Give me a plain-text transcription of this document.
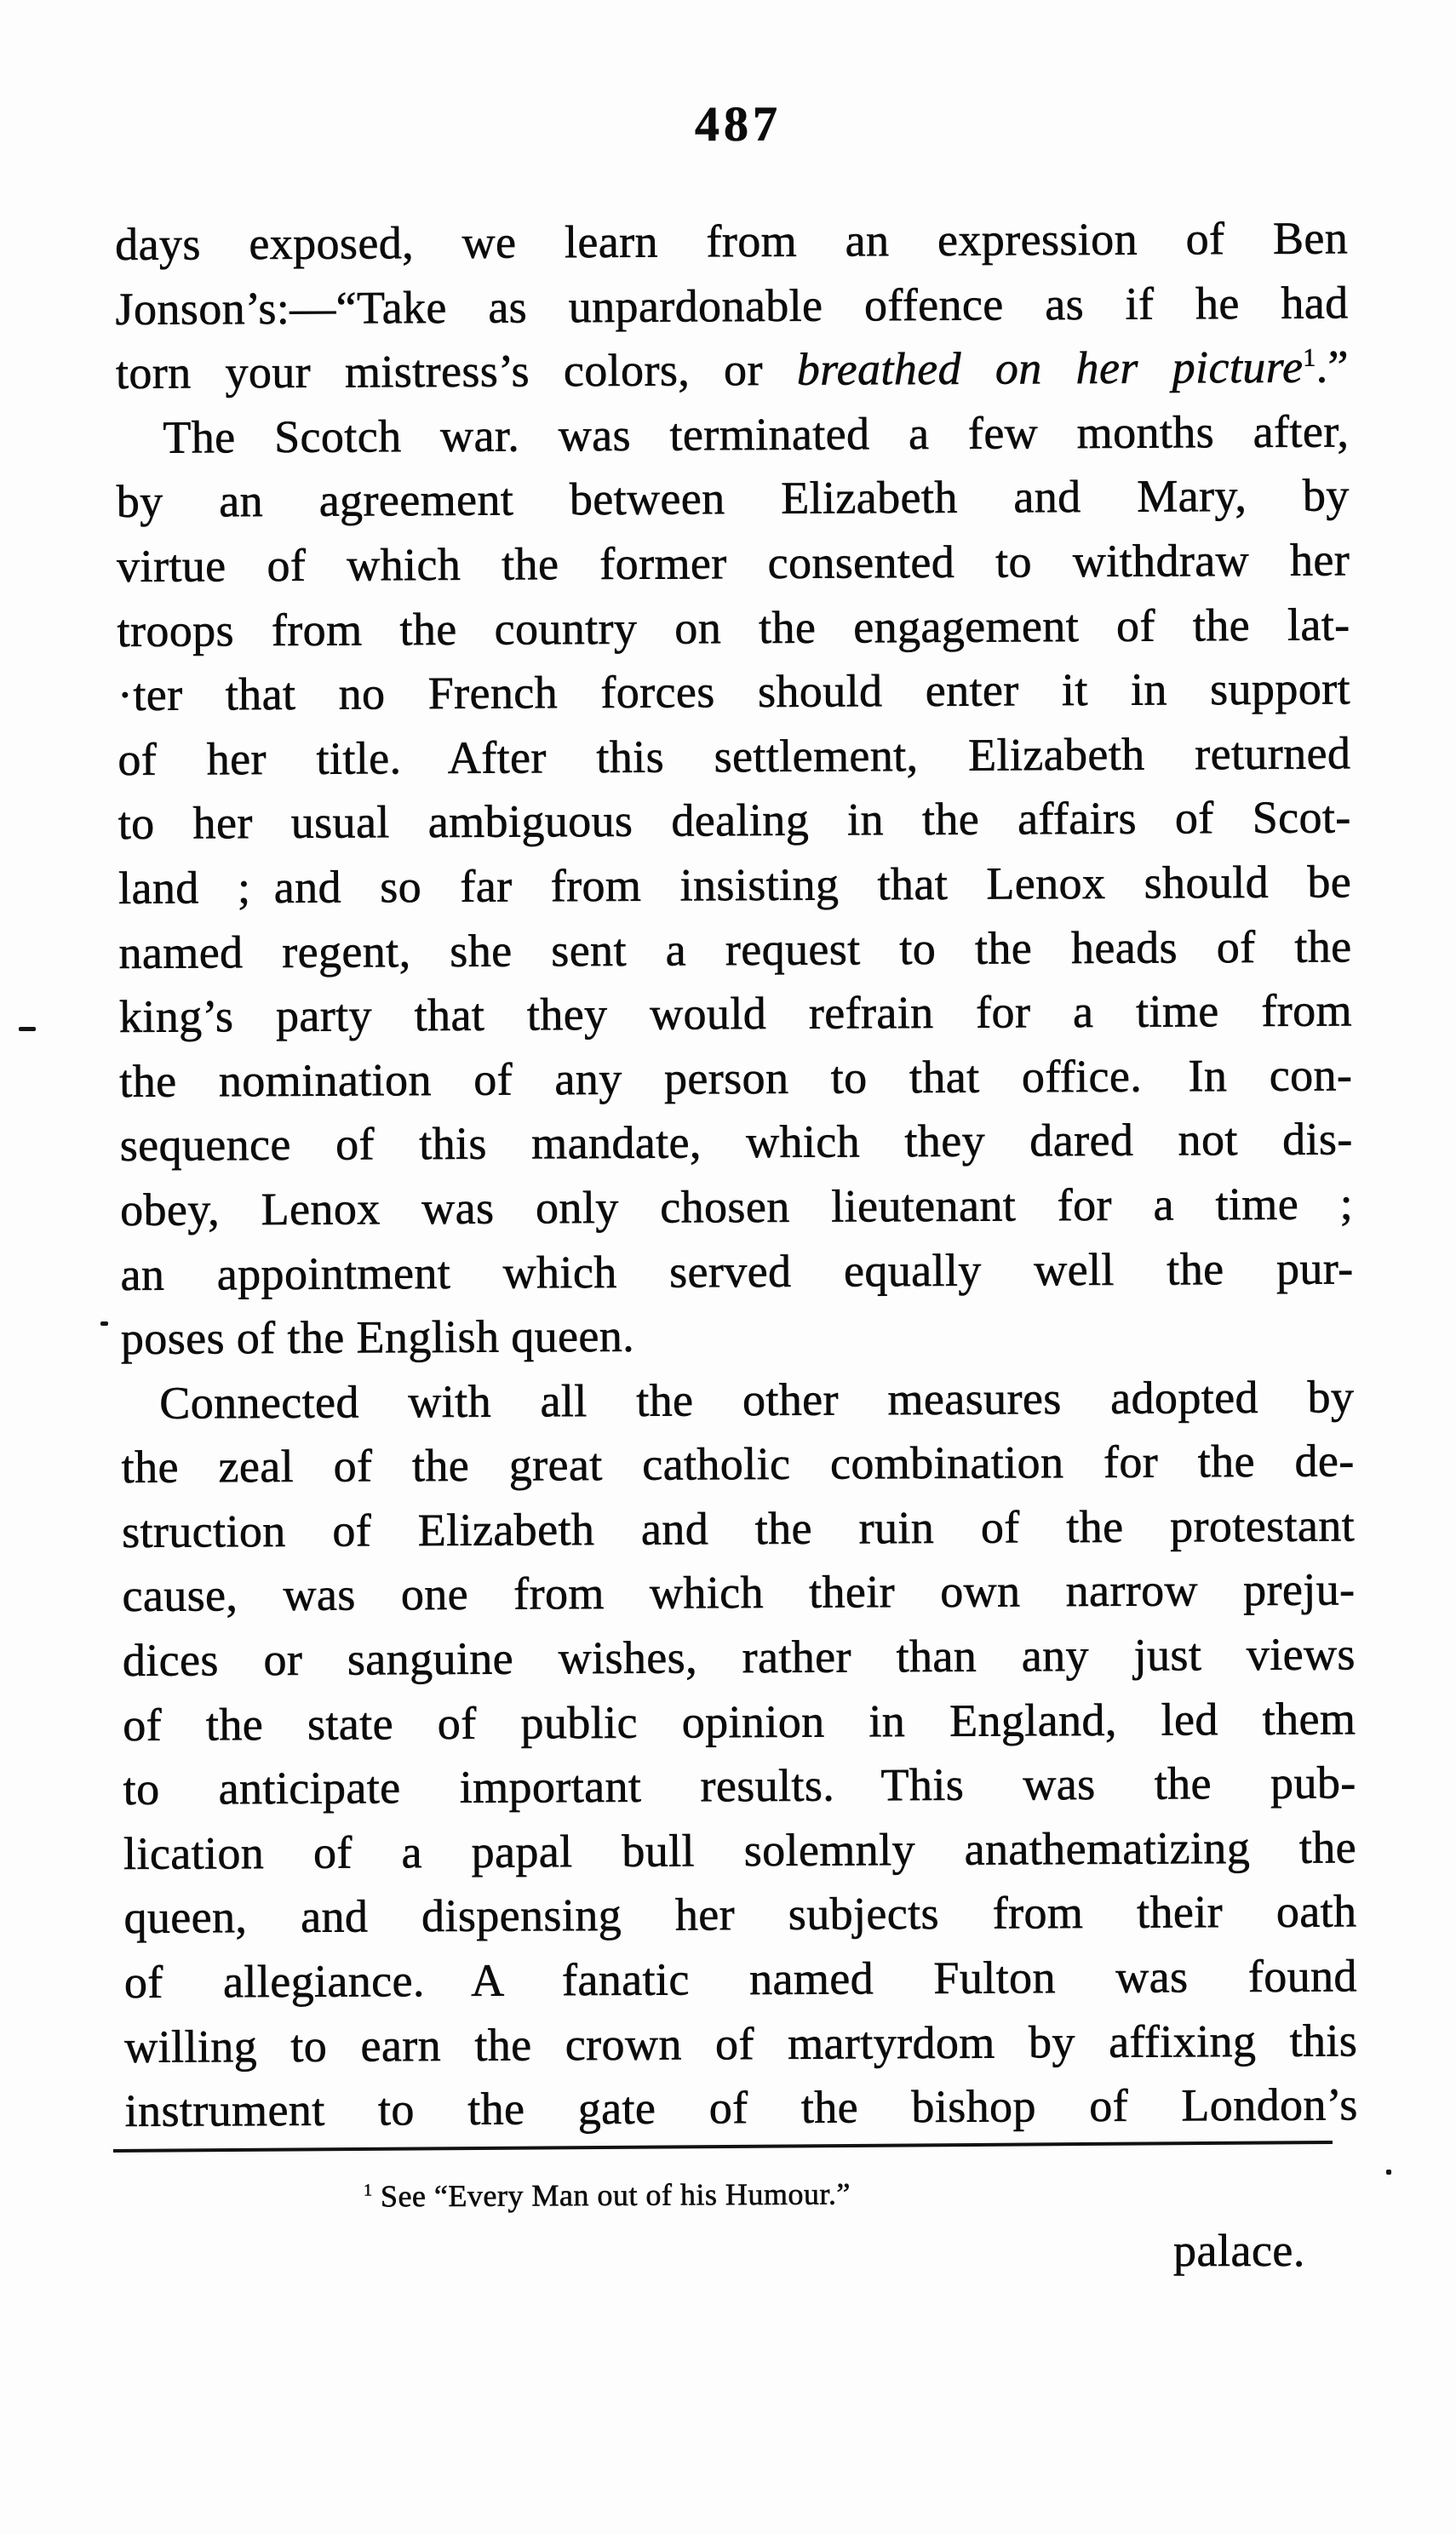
487
days exposed, we learn from an expression of Ben
Jonson’s:—“Take as unpardonable offence as if he had
torn your mistress’s colors, or breathed on her picture$^1$.”
The Scotch war. was terminated a few months after,
by an agreement between Elizabeth and Mary, by
virtue of which the former consented to withdraw her
troops from the country on the engagement of the lat-
·ter that no French forces should enter it in support
of her title. After this settlement, Elizabeth returned
to her usual ambiguous dealing in the affairs of Scot-
land ; and so far from insisting that Lenox should be
named regent, she sent a request to the heads of the
king’s party that they would refrain for a time from
the nomination of any person to that office. In con-
sequence of this mandate, which they dared not dis-
obey, Lenox was only chosen lieutenant for a time ;
an appointment which served equally well the pur-
poses of the English queen.
Connected with all the other measures adopted by
the zeal of the great catholic combination for the de-
struction of Elizabeth and the ruin of the protestant
cause, was one from which their own narrow preju-
dices or sanguine wishes, rather than any just views
of the state of public opinion in England, led them
to anticipate important results. This was the pub-
lication of a papal bull solemnly anathematizing the
queen, and dispensing her subjects from their oath
of allegiance. A fanatic named Fulton was found
willing to earn the crown of martyrdom by affixing this
instrument to the gate of the bishop of London’s
$^1$ See “Every Man out of his Humour.”
palace.
